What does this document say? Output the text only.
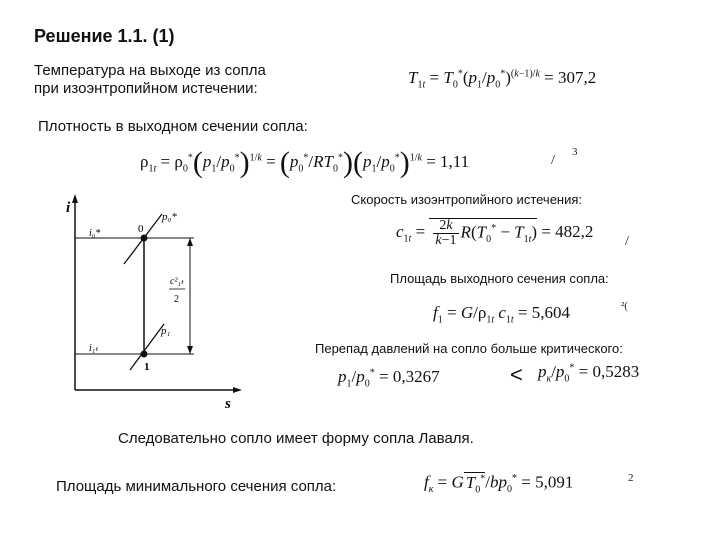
Решение 1.1. (1)
Температура на выходе из сопла
при изоэнтропийном истечении:
$T_{1t} = T_0^*(p_1/p_0^*)^{(k-1)/k} = 307,2$
Плотность в выходном сечении сопла:
$\rho_{1t} = \rho_0^*(p_1/p_0^*)^{1/k} = (p_0^*/RT_0^*)(p_1/p_0^*)^{1/k} = 1,11$	/
3
Скорость изоэнтропийного истечения:
$c_{1t} = \frac{2k}{k-1} R(T_0^* - T_{1t}) = 482,2$
/
Площадь выходного сечения сопла:
$f_1 = G/\rho_{1t}$ $c_{1t} = 5,604$	²(
Перепад давлений на сопло больше критического:
$p_1/p_0^* = 0,3267$	< $p_к/p_0^* = 0,5283$
Следовательно сопло имеет форму сопла Лаваля.
Площадь минимального сечения сопла:	$f_к = G$ $T_0^*/bp_0^* = 5,091$	2
i
s
0
1
p₀*
p₁
i₀*
i₁ₜ
c²₁ₜ
2
